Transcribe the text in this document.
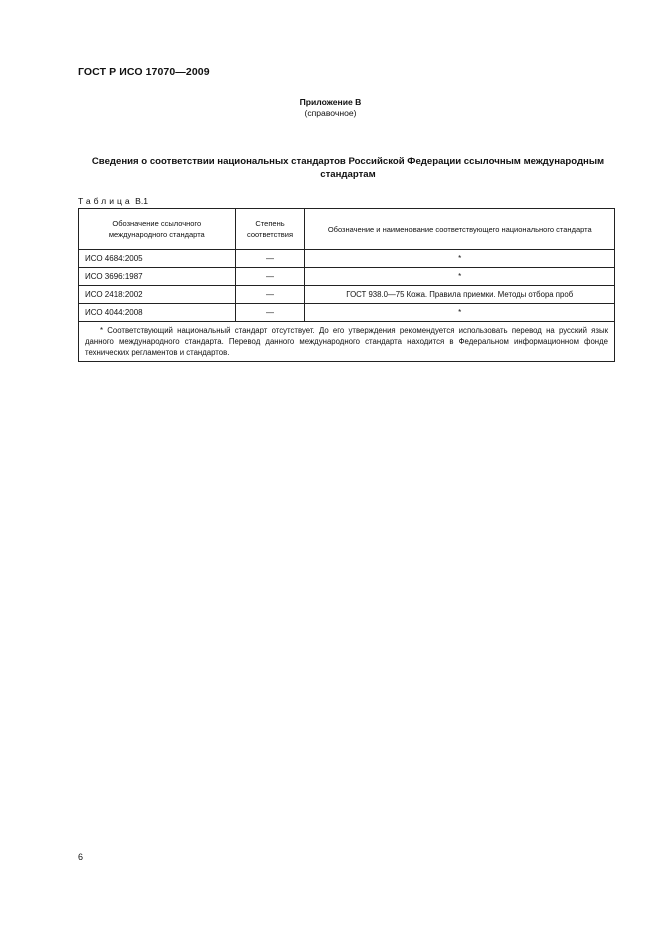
ГОСТ Р ИСО 17070—2009
Приложение B
(справочное)
Сведения о соответствии национальных стандартов Российской Федерации ссылочным международным стандартам
Таблица B.1
Обозначение ссылочного международного стандарта	Степень соответствия	Обозначение и наименование соответствующего национального стандарта

ИСО 4684:2005	—	*
ИСО 3696:1987	—	*
ИСО 2418:2002	—	ГОСТ 938.0—75 Кожа. Правила приемки. Методы отбора проб
ИСО 4044:2008	—	*
* Соответствующий национальный стандарт отсутствует. До его утверждения рекомендуется использовать перевод на русский язык данного международного стандарта. Перевод данного международного стандарта находится в Федеральном информационном фонде технических регламентов и стандартов.		
6
